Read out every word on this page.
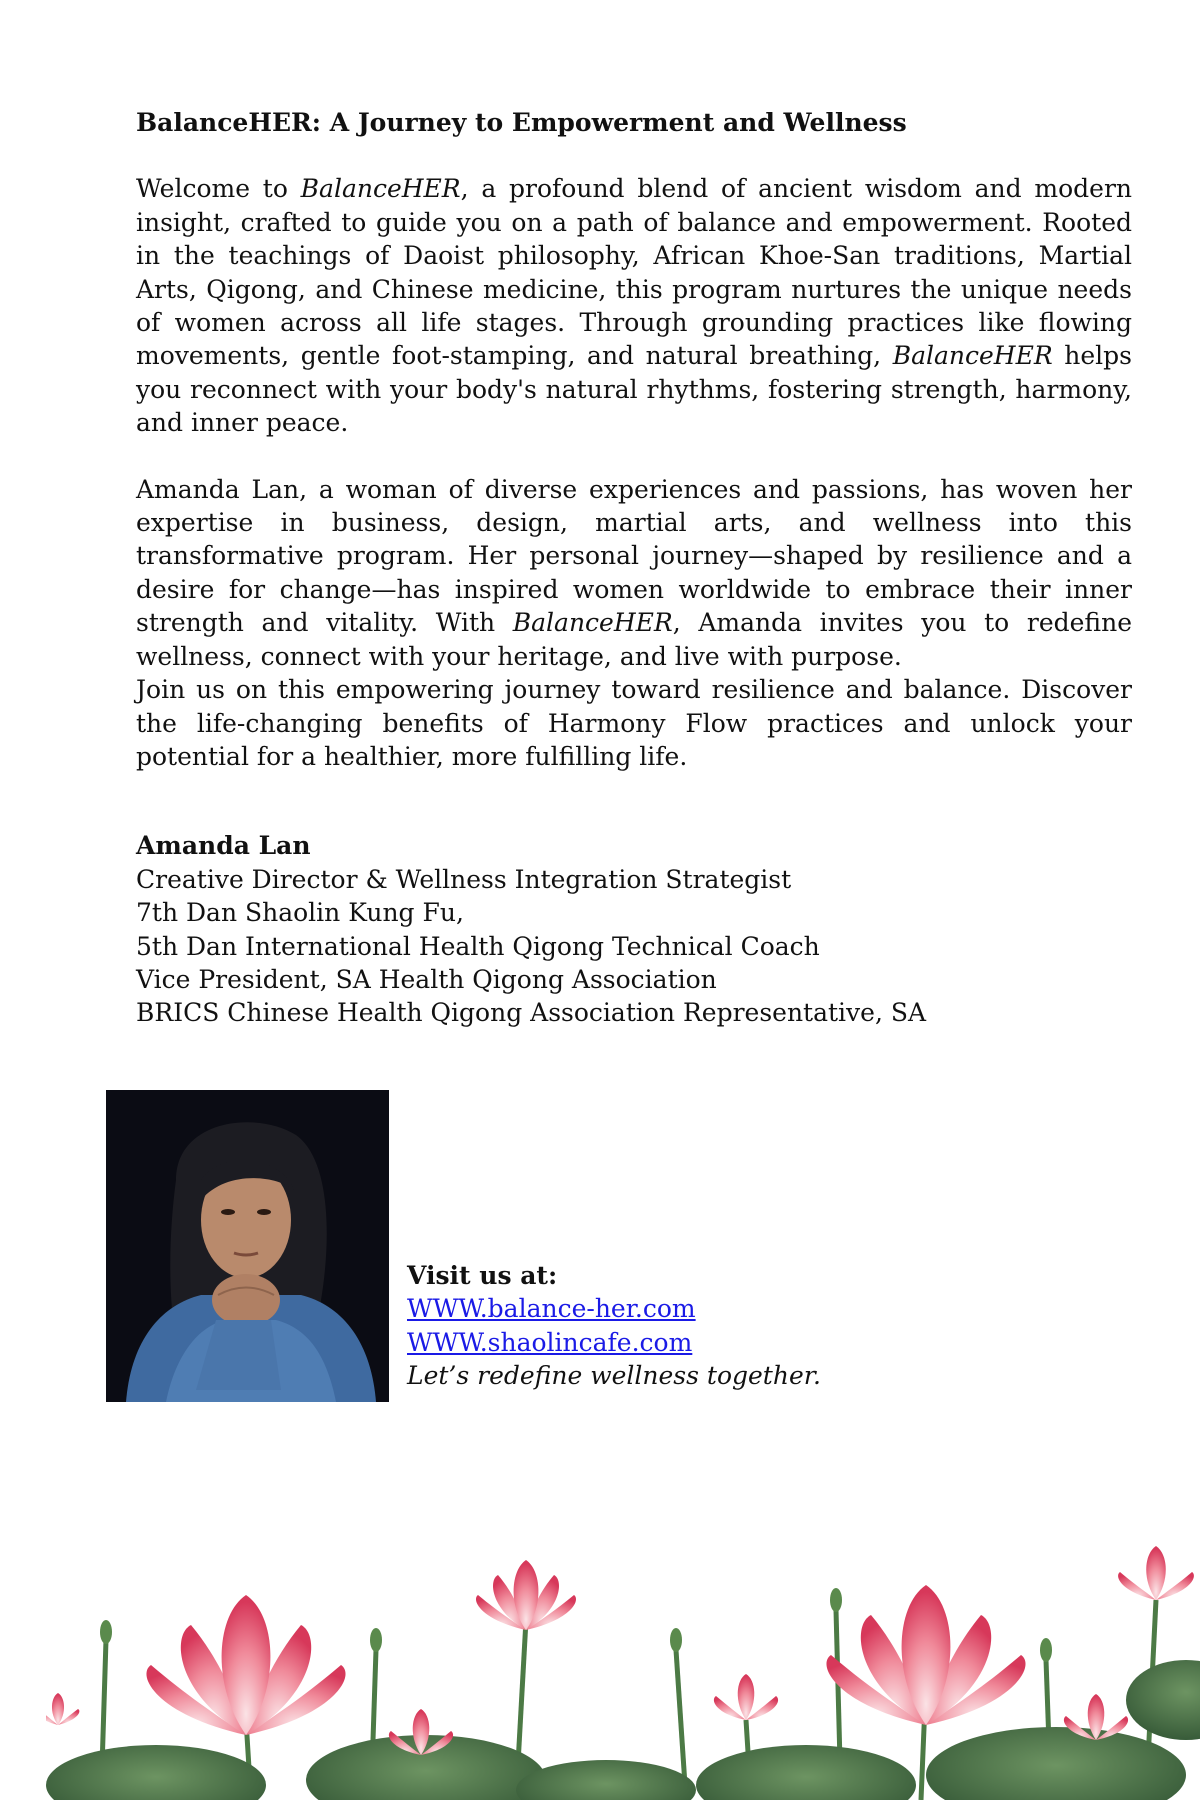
BalanceHER: A Journey to Empowerment and Wellness

Welcome to BalanceHER, a profound blend of ancient wisdom and modern insight, crafted to guide you on a path of balance and empowerment. Rooted in the teachings of Daoist philosophy, African Khoe-San traditions, Martial Arts, Qigong, and Chinese medicine, this program nurtures the unique needs of women across all life stages. Through grounding practices like flowing movements, gentle foot-stamping, and natural breathing, BalanceHER helps you reconnect with your body's natural rhythms, fostering strength, harmony, and inner peace.

Amanda Lan, a woman of diverse experiences and passions, has woven her expertise in business, design, martial arts, and wellness into this transformative program. Her personal journey—shaped by resilience and a desire for change—has inspired women worldwide to embrace their inner strength and vitality. With BalanceHER, Amanda invites you to redefine wellness, connect with your heritage, and live with purpose.

Join us on this empowering journey toward resilience and balance. Discover the life-changing benefits of Harmony Flow practices and unlock your potential for a healthier, more fulfilling life.

Amanda Lan
Creative Director & Wellness Integration Strategist
7th Dan Shaolin Kung Fu,
5th Dan International Health Qigong Technical Coach
Vice President, SA Health Qigong Association
BRICS Chinese Health Qigong Association Representative, SA
Visit us at:
WWW.balance-her.com
WWW.shaolincafe.com
Let’s redefine wellness together.
